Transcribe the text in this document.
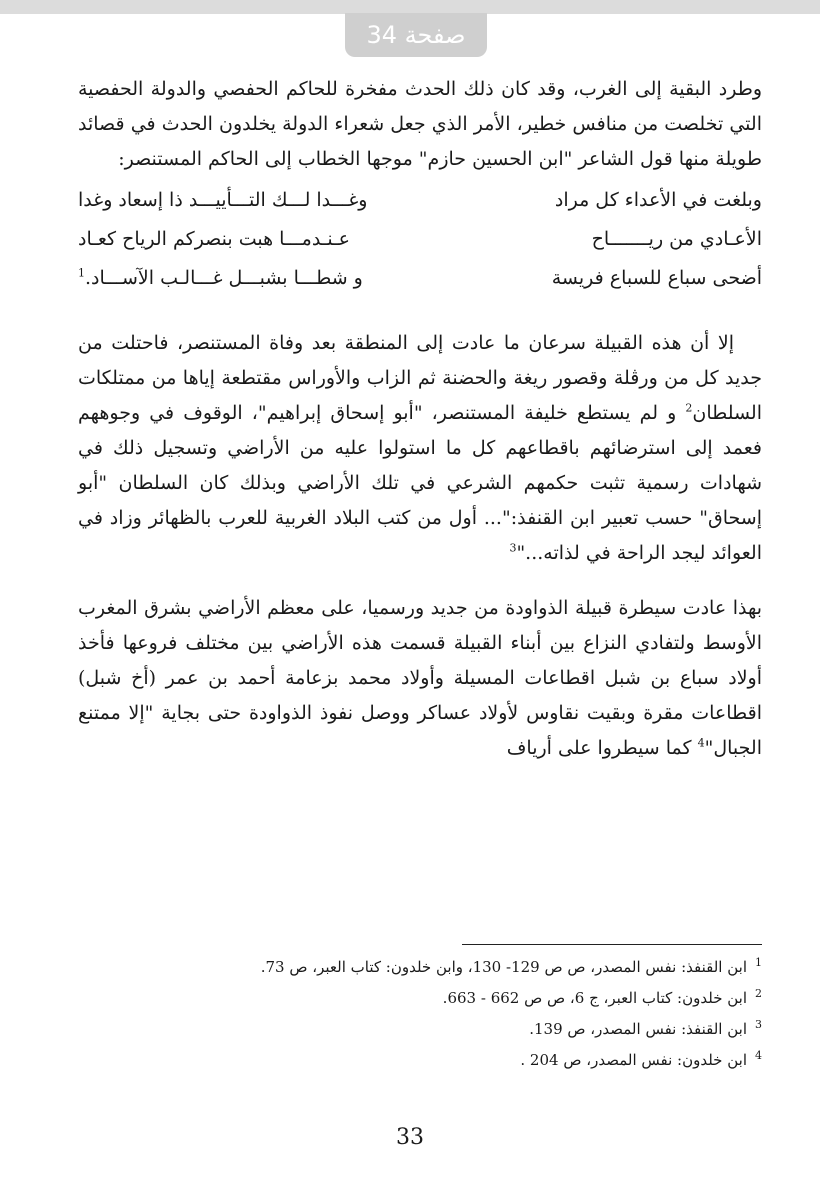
صفحة 34

وطرد البقية إلى الغرب، وقد كان ذلك الحدث مفخرة للحاكم الحفصي والدولة الحفصية التي تخلصت من منافس خطير، الأمر الذي جعل شعراء الدولة يخلدون الحدث في قصائد طويلة منها قول الشاعر "ابن الحسين حازم" موجها الخطاب إلى الحاكم المستنصر:

وبلغت في الأعداء كل مراد
وغـــدا لـــك التـــأييـــد ذا إسعاد وغدا
الأعـادي من ريـــــــاح
عـنـدمـــا هبت بنصركم الرياح كعـاد
أضحى سباع للسباع فريسة
و شطـــا بشبـــل غـــالـب الآســـاد.$^1$

إلا أن هذه القبيلة سرعان ما عادت إلى المنطقة بعد وفاة المستنصر، فاحتلت من جديد كل من ورڤلة وقصور ريغة والحضنة ثم الزاب والأوراس مقتطعة إياها من ممتلكات السلطان$^2$ و لم يستطع خليفة المستنصر، "أبو إسحاق إبراهيم"، الوقوف في وجوههم فعمد إلى استرضائهم باقطاعهم كل ما استولوا عليه من الأراضي وتسجيل ذلك في شهادات رسمية تثبت حكمهم الشرعي في تلك الأراضي وبذلك كان السلطان "أبو إسحاق" حسب تعبير ابن القنفذ:"... أول من كتب البلاد الغربية للعرب بالظهائر وزاد في العوائد ليجد الراحة في لذاته..."$^3$

بهذا عادت سيطرة قبيلة الذواودة من جديد ورسميا، على معظم الأراضي بشرق المغرب الأوسط ولتفادي النزاع بين أبناء القبيلة قسمت هذه الأراضي بين مختلف فروعها فأخذ أولاد سباع بن شبل اقطاعات المسيلة وأولاد محمد بزعامة أحمد بن عمر (أخ شبل) اقطاعات مقرة وبقيت نقاوس لأولاد عساكر ووصل نفوذ الذواودة حتى بجاية "إلا ممتنع الجبال"$^4$ كما سيطروا على أرياف

$^1$ابن القنفذ: نفس المصدر، ص ص 129- 130، وابن خلدون: كتاب العبر، ص 73.
$^2$ابن خلدون: كتاب العبر، ج 6، ص ص 662 - 663.
$^3$ابن القنفذ: نفس المصدر، ص 139.
$^4$ابن خلدون: نفس المصدر، ص 204 .
33
